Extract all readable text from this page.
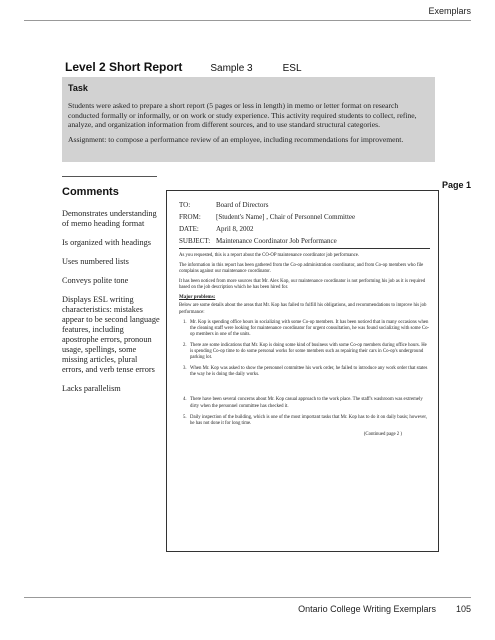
Exemplars
Level 2 Short Report	Sample 3	ESL
Task

Students were asked to prepare a short report (5 pages or less in length) in memo or letter format on research conducted formally or informally, or on work or study experience. This activity required students to collect, refine, analyze, and organization information from different sources, and to use standard structural categories.

Assignment: to compose a performance review of an employee, including recommendations for improvement.

Page 1
Comments
Demonstrates understanding of memo heading format
Is organized with headings
Uses numbered lists
Conveys polite tone
Displays ESL writing characteristics: mistakes appear to be second language features, including apostrophe errors, pronoun usage, spellings, some missing articles, plural errors, and verb tense errors
Lacks parallelism
TO:	Board of Directors
FROM:	[Student's Name] , Chair of Personnel Committee
DATE:	April 8, 2002
SUBJECT: Maintenance Coordinator Job Performance

As you requested, this is a report about the CO-OP maintenance coordinator job performance.

The information in this report has been gathered from the Co-op administration coordinator, and from Co-op members who file complains against our maintenance coordinator.

It has been noticed from more sources that Mr. Alex Kop, our maintenance coordinator is not performing his job as it is required based on the job description which he has been hired for.

Major problems:

Below are some details about the areas that Mr. Kop has failed to fulfill his obligations, and recommendations to improve his job performance:

1. Mr. Kop is spending office hours in socializing with some Co-op members. It has been noticed that in many occasions when the cleaning staff were looking for maintenance coordinator for urgent consultation, he was found socializing with some Co-op members in one of the units.
2. There are some indications that Mr. Kop is doing some kind of business with some Co-op members during office hours. He is spending Co-op time to do some personal works for some members such as repairing their cars in Co-op's underground parking lot.
3. When Mr. Kop was asked to show the personnel committee his work order, he failed to introduce any work order that states the way he is doing the daily works.
4. There have been several concerns about Mr. Kop casual approach to the work place. The staff's washroom was extremely dirty when the personnel committee has checked it.
5. Daily inspection of the building, which is one of the most important tasks that Mr. Kop has to do it on daily basis; however, he has not done it for long time.
(Continued page 2 )
Ontario College Writing Exemplars 105
